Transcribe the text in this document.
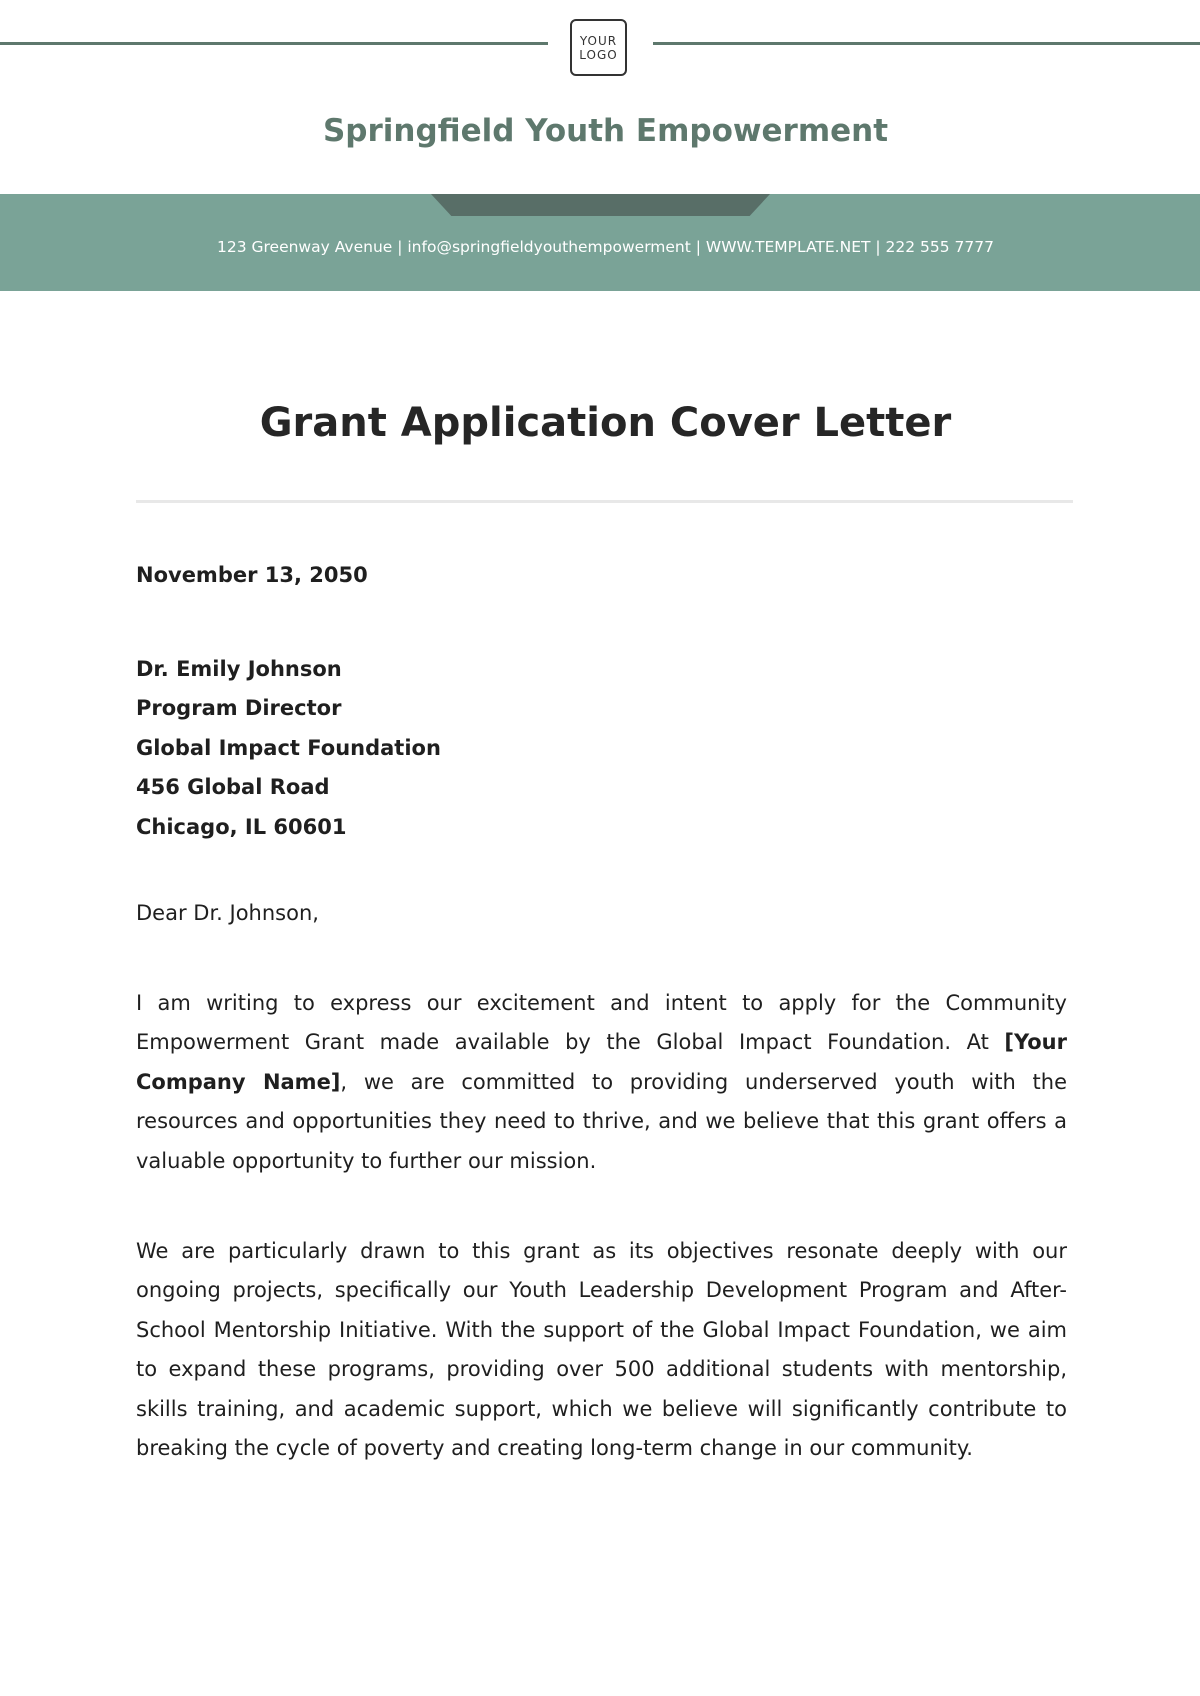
YOUR
LOGO
Springfield Youth Empowerment
123 Greenway Avenue | info@springfieldyouthempowerment | WWW.TEMPLATE.NET | 222 555 7777
Grant Application Cover Letter
November 13, 2050
Dr. Emily Johnson
Program Director
Global Impact Foundation
456 Global Road
Chicago, IL 60601
Dear Dr. Johnson,

I am writing to express our excitement and intent to apply for the Community Empowerment Grant made available by the Global Impact Foundation. At [Your Company Name], we are committed to providing underserved youth with the resources and opportunities they need to thrive, and we believe that this grant offers a valuable opportunity to further our mission.

We are particularly drawn to this grant as its objectives resonate deeply with our ongoing projects, specifically our Youth Leadership Development Program and After-School Mentorship Initiative. With the support of the Global Impact Foundation, we aim to expand these programs, providing over 500 additional students with mentorship, skills training, and academic support, which we believe will significantly contribute to breaking the cycle of poverty and creating long-term change in our community.
